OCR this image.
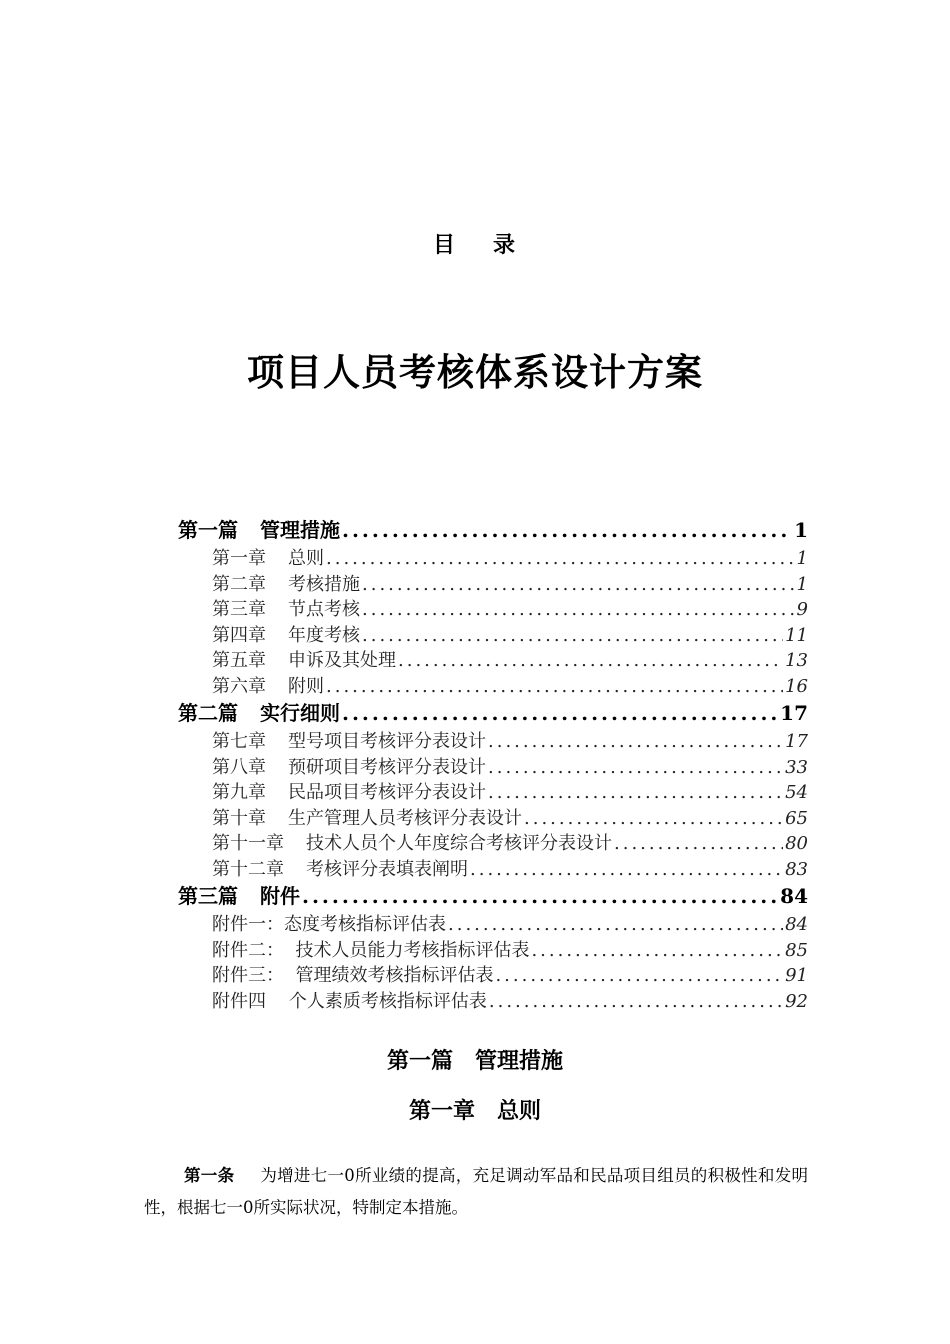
目 录
项目人员考核体系设计方案
第一篇 管理措施 .....	1
第一章 总则 .....	1
第二章 考核措施 .....	1
第三章 节点考核 .....	9
第四章 年度考核 .....	11
第五章 申诉及其处理 .....	13
第六章 附则 .....	16
第二篇 实行细则 .....	17
第七章 型号项目考核评分表设计 .....	17
第八章 预研项目考核评分表设计 .....	33
第九章 民品项目考核评分表设计 .....	54
第十章 生产管理人员考核评分表设计 .....	65
第十一章 技术人员个人年度综合考核评分表设计 .....	80
第十二章 考核评分表填表阐明 .....	83
第三篇 附件 .....	84
附件一：态度考核指标评估表 .....	84
附件二：  技术人员能力考核指标评估表 .....	85
附件三：  管理绩效考核指标评估表 .....	91
附件四    个人素质考核指标评估表 .....	92
第一篇 管理措施
第一章 总则
第一条 为增进七一0所业绩的提高，充足调动军品和民品项目组员的积极性和发明性，根据七一0所实际状况，特制定本措施。
